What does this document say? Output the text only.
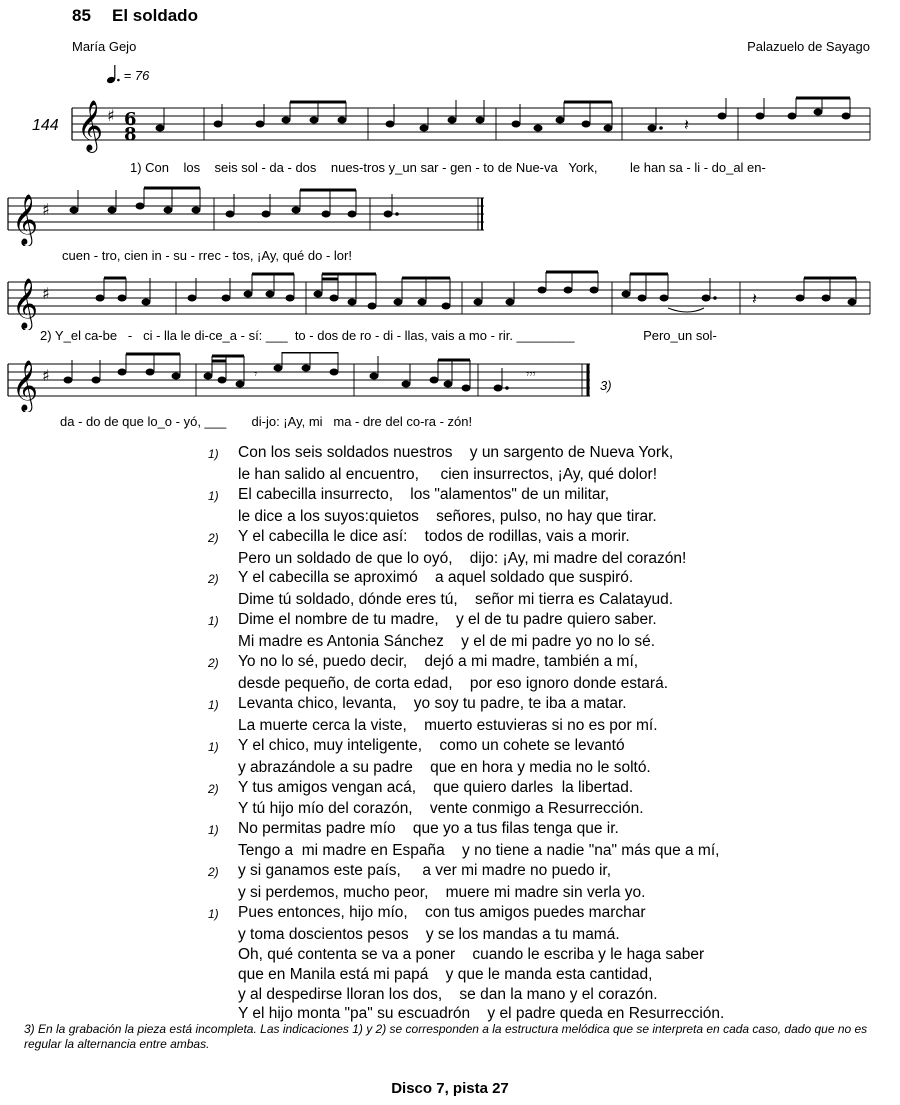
85 El soldado
María Gejo	Palazuelo de Sayago
= 76
144 𝄞 ♯ 6
8	𝄽
1) Con    los    seis sol - da - dos    nues-tros y_un sar - gen - to de Nue-va   York,         le han sa - li - do_al en-
𝄞 ♯
cuen - tro, cien in - su - rrec - tos, ¡Ay, qué do - lor!
𝄞 ♯	𝄽
2) Y_el ca-be   -   ci - lla le di-ce_a - sí: ___  to - dos de ro - di - llas, vais a mo - rir. ________                   Pero_un sol-
𝄞 ♯	𝄾	𝄾𝄾𝄾
3)
da - do de que lo_o - yó, ___       di-jo: ¡Ay, mi   ma - dre del co-ra - zón!
1)	Con los seis soldados nuestros    y un sargento de Nueva York,
le han salido al encuentro,     cien insurrectos, ¡Ay, qué dolor!
1)	El cabecilla insurrecto,    los "alamentos" de un militar,
le dice a los suyos:quietos    señores, pulso, no hay que tirar.
2)	Y el cabecilla le dice así:    todos de rodillas, vais a morir.
Pero un soldado de que lo oyó,    dijo: ¡Ay, mi madre del corazón!
2)	Y el cabecilla se aproximó    a aquel soldado que suspiró.
Dime tú soldado, dónde eres tú,    señor mi tierra es Calatayud.
1)	Dime el nombre de tu madre,    y el de tu padre quiero saber.
Mi madre es Antonia Sánchez    y el de mi padre yo no lo sé.
2)	Yo no lo sé, puedo decir,    dejó a mi madre, también a mí,
desde pequeño, de corta edad,    por eso ignoro donde estará.
1)	Levanta chico, levanta,    yo soy tu padre, te iba a matar.
La muerte cerca la viste,    muerto estuvieras si no es por mí.
1)	Y el chico, muy inteligente,    como un cohete se levantó
y abrazándole a su padre    que en hora y media no le soltó.
2)	Y tus amigos vengan acá,    que quiero darles  la libertad.
Y tú hijo mío del corazón,    vente conmigo a Resurrección.
1)	No permitas padre mío    que yo a tus filas tenga que ir.
Tengo a  mi madre en España    y no tiene a nadie "na" más que a mí,
2)	y si ganamos este país,     a ver mi madre no puedo ir,
y si perdemos, mucho peor,    muere mi madre sin verla yo.
1)	Pues entonces, hijo mío,    con tus amigos puedes marchar
y toma doscientos pesos    y se los mandas a tu mamá.
Oh, qué contenta se va a poner    cuando le escriba y le haga saber
que en Manila está mi papá    y que le manda esta cantidad,
y al despedirse lloran los dos,    se dan la mano y el corazón.
Y el hijo monta "pa" su escuadrón    y el padre queda en Resurrección.
3) En la grabación la pieza está incompleta. Las indicaciones 1) y 2) se corresponden a la estructura melódica que se interpreta en cada caso, dado que no es regular la alternancia entre ambas.
Disco 7, pista 27
